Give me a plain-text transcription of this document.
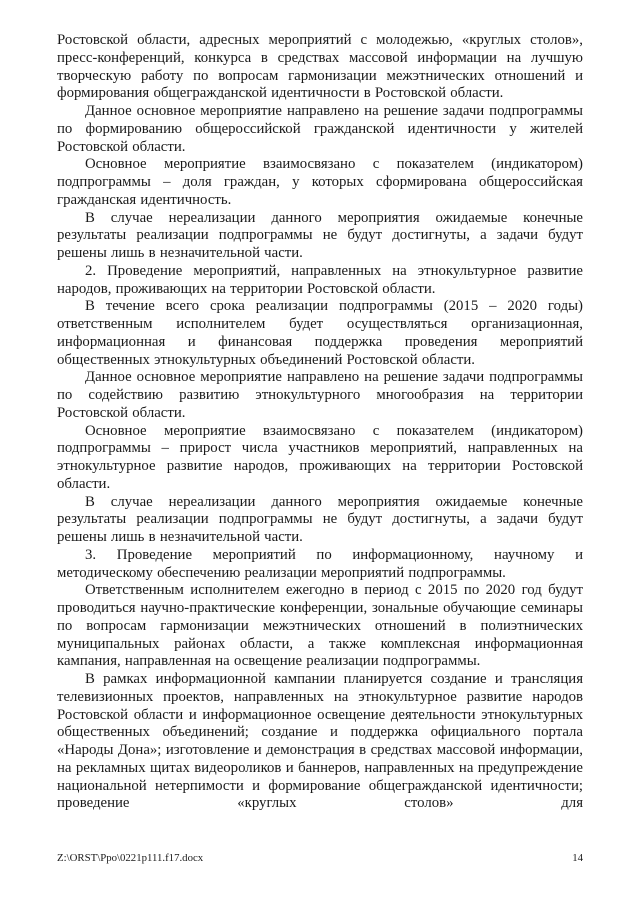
Ростовской области, адресных мероприятий с молодежью, «круглых столов», пресс-конференций, конкурса в средствах массовой информации на лучшую творческую работу по вопросам гармонизации межэтнических отношений и формирования общегражданской идентичности в Ростовской области.

Данное основное мероприятие направлено на решение задачи подпрограммы по формированию общероссийской гражданской идентичности у жителей Ростовской области.

Основное мероприятие взаимосвязано с показателем (индикатором) подпрограммы – доля граждан, у которых сформирована общероссийская гражданская идентичность.

В случае нереализации данного мероприятия ожидаемые конечные результаты реализации подпрограммы не будут достигнуты, а задачи будут решены лишь в незначительной части.

2. Проведение мероприятий, направленных на этнокультурное развитие народов, проживающих на территории Ростовской области.

В течение всего срока реализации подпрограммы (2015 – 2020 годы) ответственным исполнителем будет осуществляться организационная, информационная и финансовая поддержка проведения мероприятий общественных этнокультурных объединений Ростовской области.

Данное основное мероприятие направлено на решение задачи подпрограммы по содействию развитию этнокультурного многообразия на территории Ростовской области.

Основное мероприятие взаимосвязано с показателем (индикатором) подпрограммы – прирост числа участников мероприятий, направленных на этнокультурное развитие народов, проживающих на территории Ростовской области.

В случае нереализации данного мероприятия ожидаемые конечные результаты реализации подпрограммы не будут достигнуты, а задачи будут решены лишь в незначительной части.

3. Проведение мероприятий по информационному, научному и методическому обеспечению реализации мероприятий подпрограммы.

Ответственным исполнителем ежегодно в период с 2015 по 2020 год будут проводиться научно-практические конференции, зональные обучающие семинары по вопросам гармонизации межэтнических отношений в полиэтнических муниципальных районах области, а также комплексная информационная кампания, направленная на освещение реализации подпрограммы.

В рамках информационной кампании планируется создание и трансляция телевизионных проектов, направленных на этнокультурное развитие народов Ростовской области и информационное освещение деятельности этнокультурных общественных объединений; создание и поддержка официального портала «Народы Дона»; изготовление и демонстрация в средствах массовой информации, на рекламных щитах видеороликов и баннеров, направленных на предупреждение национальной нетерпимости и формирование общегражданской идентичности; проведение «круглых столов» для

Z:\ORST\Ppo\0221p111.f17.docx	14
